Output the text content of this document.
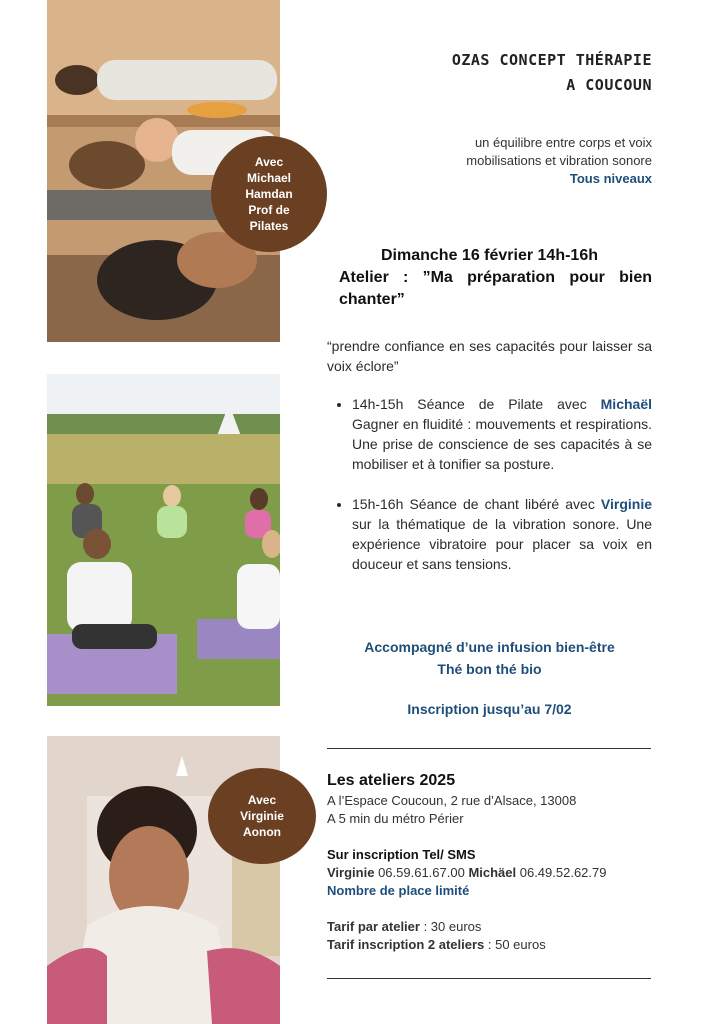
Avec
Michael
Hamdan
Prof de
Pilates
Avec
Virginie
Aonon
OZAS CONCEPT THÉRAPIE
A COUCOUN
un équilibre entre corps et voix
mobilisations et vibration sonore
Tous niveaux
Dimanche 16 février 14h-16h
Atelier : ”Ma préparation pour bien chanter”
“prendre confiance en ses capacités pour laisser sa voix éclore”
• 14h-15h Séance de Pilate avec Michaël Gagner en fluidité : mouvements et respirations. Une prise de conscience de ses capacités à se mobiliser et à tonifier sa posture.
• 15h-16h Séance de chant libéré avec Virginie sur la thématique de la vibration sonore. Une expérience vibratoire pour placer sa voix en douceur et sans tensions.
Accompagné d’une infusion bien-être
Thé bon thé bio
Inscription jusqu’au 7/02
Les ateliers 2025
A l’Espace Coucoun, 2 rue d’Alsace, 13008
A 5 min du métro Périer
Sur inscription Tel/ SMS
Virginie 06.59.61.67.00 Michäel 06.49.52.62.79
Nombre de place limité
Tarif par atelier : 30 euros
Tarif inscription 2 ateliers : 50 euros
